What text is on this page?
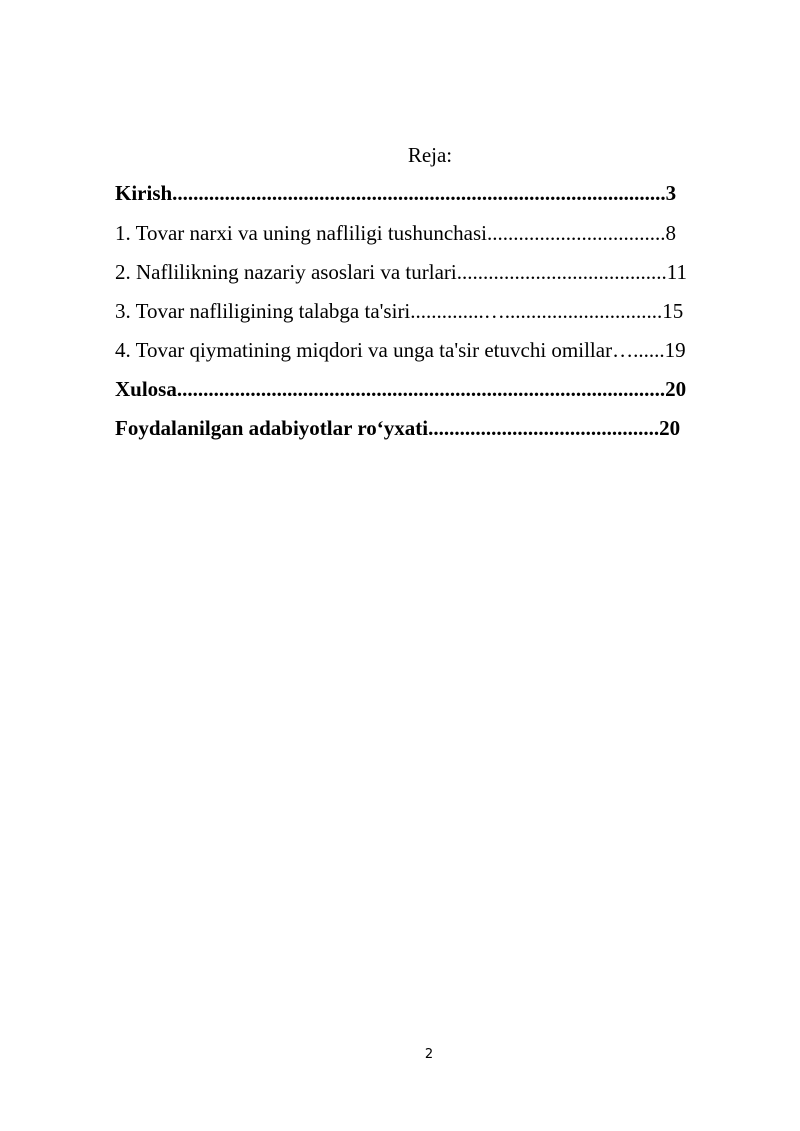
Reja:
Kirish..............................................................................................3
1. Tovar narxi va uning nafliligi tushunchasi..................................8
2. Naflilikning nazariy asoslari va turlari........................................11
3. Tovar nafliligining talabga ta'siri..............…..............................15
4. Tovar qiymatining miqdori va unga ta'sir etuvchi omillar…......19
Xulosa.............................................................................................20
Foydalanilgan adabiyotlar ro‘yxati............................................20
2
